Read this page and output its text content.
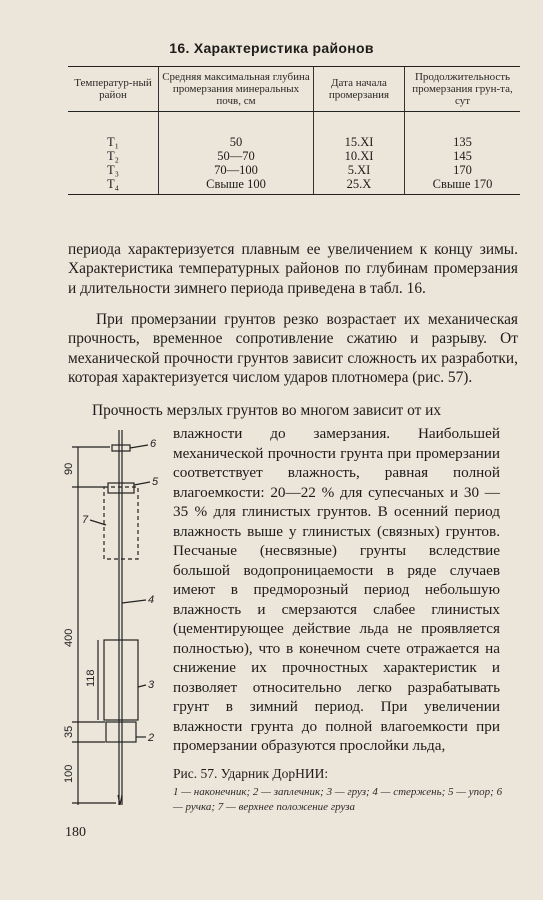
16. Характеристика районов
Температур-ный район	Средняя максимальная глубина промерзания минеральных почв, см	Дата начала промерзания	Продолжительность промерзания грун-та, сут
Т₁	50	15.XI	135
Т₂	50—70	10.XI	145
Т₃	70—100	5.XI	170
Т₄	Свыше 100	25.X	Свыше 170

периода характеризуется плавным ее увеличением к концу зимы. Характеристика температурных районов по глубинам промерзания и длительности зимнего периода приведена в табл. 16.

При промерзании грунтов резко возрастает их механическая прочность, временное сопротивление сжатию и разрыву. От механической прочности грунтов зависит сложность их разработки, которая характеризуется числом ударов плотномера (рис. 57).

Прочность мерзлых грунтов во многом зависит от их

влажности до замерзания. Наибольшей механической прочности грунта при промерзании соответствует влажность, равная полной влагоемкости: 20—22 % для супесчаных и 30 — 35 % для глинистых грунтов. В осенний период влажность выше у глинистых (связных) грунтов. Песчаные (несвязные) грунты вследствие большой водопроницаемости в ряде случаев имеют в предморозный период небольшую влажность и смерзаются слабее глинистых (цементирующее действие льда не проявляется полностью), что в конечном счете отражается на снижение их прочностных характеристик и позволяет относительно легко разрабатывать грунт в зимний период. При увеличении влажности грунта до полной влагоемкости при промерзании образуются прослойки льда,

90
400
118
35
100
6
5
7
4
3
2
Рис. 57. Ударник ДорНИИ:
1 — наконечник; 2 — заплечник; 3 — груз; 4 — стержень; 5 — упор; 6 — ручка; 7 — верхнее положение груза
180
